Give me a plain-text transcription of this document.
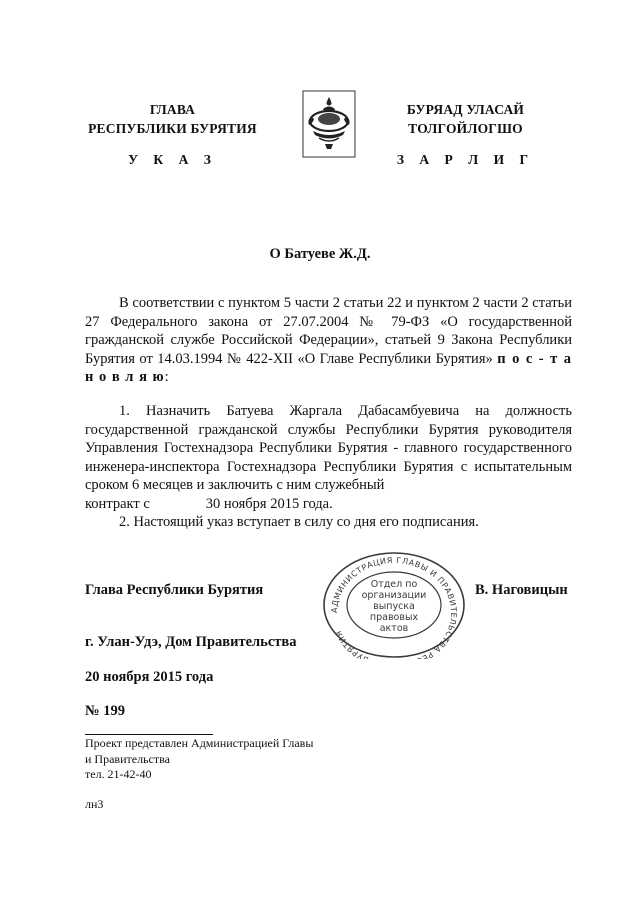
ГЛАВА
РЕСПУБЛИКИ БУРЯТИЯ
У К А З
БУРЯАД УЛАСАЙ
ТОЛГОЙЛОГШО
З А Р Л И Г
О Батуеве Ж.Д.

В соответствии с пунктом 5 части 2 статьи 22 и пунктом 2 части 2 статьи 27 Федерального закона от 27.07.2004 № 79-ФЗ «О государственной гражданской службе Российской Федерации», статьей 9 Закона Республики Бурятия от 14.03.1994 № 422-XII «О Главе Республики Бурятия» п о с - т а н о в л я ю:

1. Назначить Батуева Жаргала Дабасамбуевича на должность государственной гражданской службы Республики Бурятия руководителя Управления Гостехнадзора Республики Бурятия - главного государственного инженера-инспектора Гостехнадзора Республики Бурятия с испытательным сроком 6 месяцев и заключить с ним служебный

контракт с	30 ноября 2015 года.

2. Настоящий указ вступает в силу со дня его подписания.
Глава Республики Бурятия	В. Наговицын
АДМИНИСТРАЦИЯ ГЛАВЫ И ПРАВИТЕЛЬСТВА РЕ БУРЯТИЯ
Отдел по
организации
выпуска
правовых
актов
г. Улан-Удэ, Дом Правительства
20 ноября 2015 года
№ 199
Проект представлен Администрацией Главы
и Правительства
тел. 21-42-40
лн3
